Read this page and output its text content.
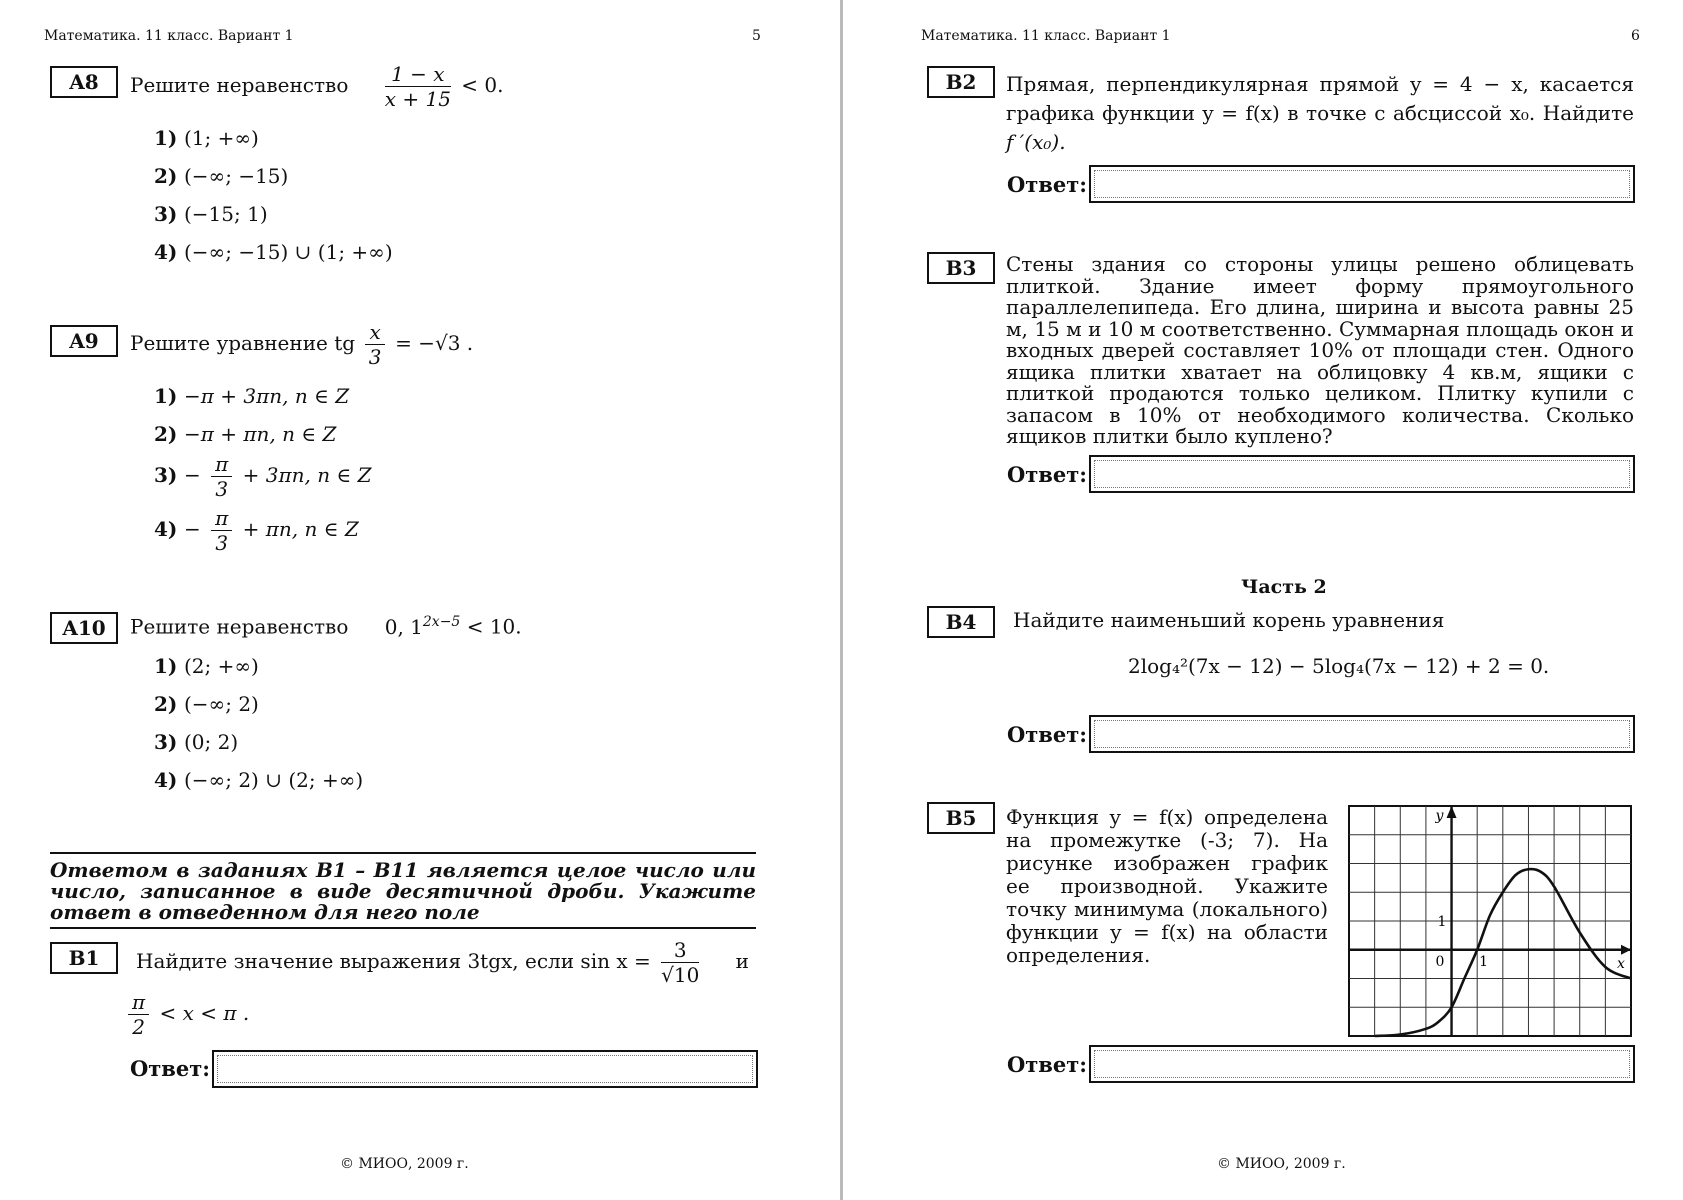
Математика. 11 класс. Вариант 1	5
A8	Решите неравенство $\frac{1 - x}{x + 15} < 0$.
1) (1; +∞)
2) (−∞; −15)
3) (−15; 1)
4) (−∞; −15) ∪ (1; +∞)
A9	Решите уравнение tg $\frac{x}{3} = -√3$ .
1) −π + 3πn, n ∈ Z
2) −π + πn, n ∈ Z
$3) - \frac{\pi}{3} + 3\pi n$, n ∈ Z
$4) - \frac{\pi}{3} + \pi n$, n ∈ Z
A10	Решите неравенство 0, $1^{2x-5} < 10$.
1) (2; +∞)
2) (−∞; 2)
3) (0; 2)
4) (−∞; 2) ∪ (2; +∞)
Ответом в заданиях B1 – B11 является целое число или число, записанное в виде десятичной дроби. Укажите ответ в отведенном для него поле
B1	Найдите значение выражения 3tgx, если $\sin x = \frac{3}{√10}$ и
$\frac{\pi}{2} < x < \pi$ .
Ответ:
© МИОО, 2009 г.
Математика. 11 класс. Вариант 1	6
B2	Прямая, перпендикулярная прямой y = 4 − x, касается
графика функции y = f(x) в точке с абсциссой x₀. Найдите
f ′(x₀).
Ответ:
B3	Стены здания со стороны улицы решено облицевать плиткой. Здание имеет форму прямоугольного параллелепипеда. Его длина, ширина и высота равны 25 м, 15 м и 10 м соответственно. Суммарная площадь окон и входных дверей составляет 10% от площади стен. Одного ящика плитки хватает на облицовку 4 кв.м, ящики с плиткой продаются только целиком. Плитку купили с запасом в 10% от необходимого количества. Сколько ящиков плитки было куплено?
Ответ:
Часть 2
B4	Найдите наименьший корень уравнения
2log₄²(7x − 12) − 5log₄(7x − 12) + 2 = 0.
Ответ:
B5	Функция y = f(x) определена на промежутке (-3; 7). На рисунке изображен график ее производной. Укажите точку минимума (локального) функции y = f(x) на области определения.
y
x
0 1
1
Ответ:
© МИОО, 2009 г.
